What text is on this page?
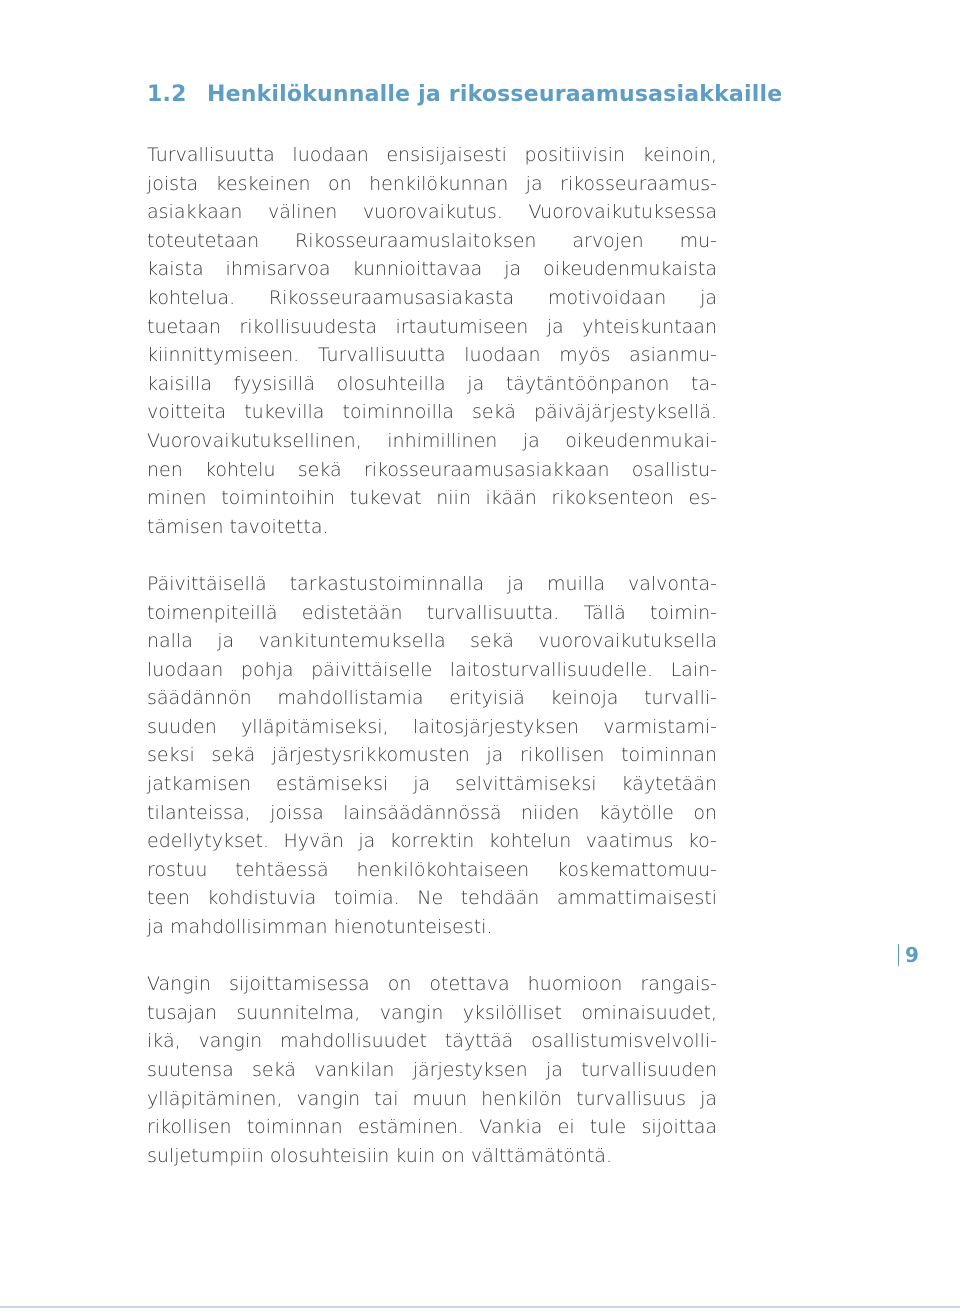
1.2 Henkilökunnalle ja rikosseuraamusasiakkaille

Turvallisuutta luodaan ensisijaisesti positiivisin keinoin,
joista keskeinen on henkilökunnan ja rikosseuraamus-
asiakkaan välinen vuorovaikutus. Vuorovaikutuksessa
toteutetaan Rikosseuraamuslaitoksen arvojen mu-
kaista ihmisarvoa kunnioittavaa ja oikeudenmukaista
kohtelua. Rikosseuraamusasiakasta motivoidaan ja
tuetaan rikollisuudesta irtautumiseen ja yhteiskuntaan
kiinnittymiseen. Turvallisuutta luodaan myös asianmu-
kaisilla fyysisillä olosuhteilla ja täytäntöönpanon ta-
voitteita tukevilla toiminnoilla sekä päiväjärjestyksellä.
Vuorovaikutuksellinen, inhimillinen ja oikeudenmukai-
nen kohtelu sekä rikosseuraamusasiakkaan osallistu-
minen toimintoihin tukevat niin ikään rikoksenteon es-
tämisen tavoitetta.

Päivittäisellä tarkastustoiminnalla ja muilla valvonta-
toimenpiteillä edistetään turvallisuutta. Tällä toimin-
nalla ja vankituntemuksella sekä vuorovaikutuksella
luodaan pohja päivittäiselle laitosturvallisuudelle. Lain-
säädännön mahdollistamia erityisiä keinoja turvalli-
suuden ylläpitämiseksi, laitosjärjestyksen varmistami-
seksi sekä järjestysrikkomusten ja rikollisen toiminnan
jatkamisen estämiseksi ja selvittämiseksi käytetään
tilanteissa, joissa lainsäädännössä niiden käytölle on
edellytykset. Hyvän ja korrektin kohtelun vaatimus ko-
rostuu tehtäessä henkilökohtaiseen koskemattomuu-
teen kohdistuvia toimia. Ne tehdään ammattimaisesti
ja mahdollisimman hienotunteisesti.

Vangin sijoittamisessa on otettava huomioon rangais-
tusajan suunnitelma, vangin yksilölliset ominaisuudet,
ikä, vangin mahdollisuudet täyttää osallistumisvelvolli-
suutensa sekä vankilan järjestyksen ja turvallisuuden
ylläpitäminen, vangin tai muun henkilön turvallisuus ja
rikollisen toiminnan estäminen. Vankia ei tule sijoittaa
suljetumpiin olosuhteisiin kuin on välttämätöntä.

9
